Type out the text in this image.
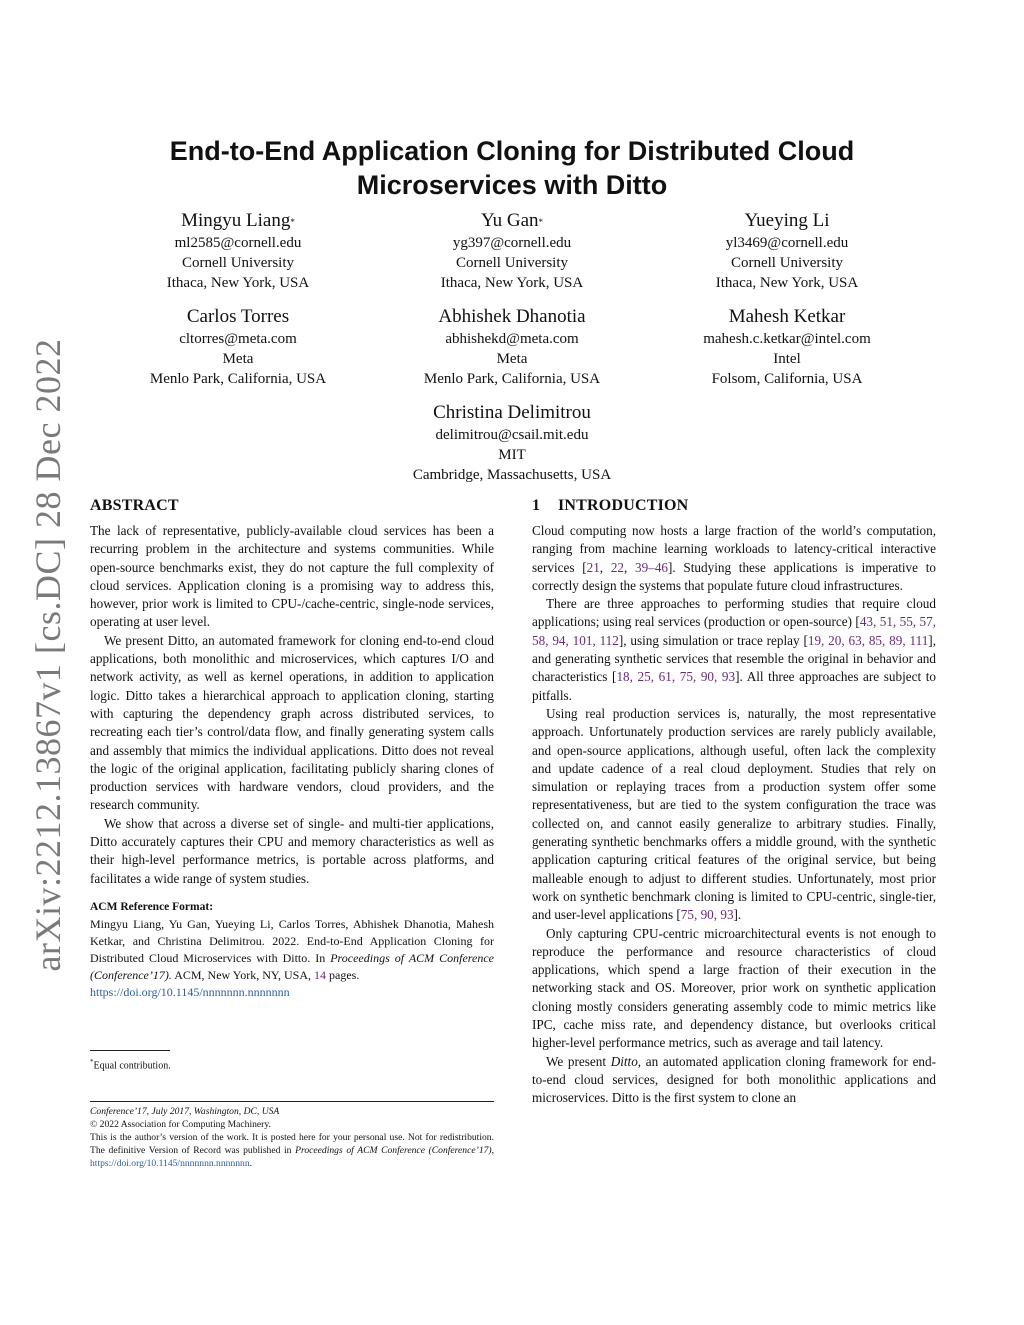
arXiv:2212.13867v1 [cs.DC] 28 Dec 2022
End-to-End Application Cloning for Distributed Cloud Microservices with Ditto
Mingyu Liang*
ml2585@cornell.edu
Cornell University
Ithaca, New York, USA
Yu Gan*
yg397@cornell.edu
Cornell University
Ithaca, New York, USA
Yueying Li
yl3469@cornell.edu
Cornell University
Ithaca, New York, USA
Carlos Torres
cltorres@meta.com
Meta
Menlo Park, California, USA
Abhishek Dhanotia
abhishekd@meta.com
Meta
Menlo Park, California, USA
Mahesh Ketkar
mahesh.c.ketkar@intel.com
Intel
Folsom, California, USA
Christina Delimitrou
delimitrou@csail.mit.edu
MIT
Cambridge, Massachusetts, USA
ABSTRACT

The lack of representative, publicly-available cloud services has been a recurring problem in the architecture and systems communities. While open-source benchmarks exist, they do not capture the full complexity of cloud services. Application cloning is a promising way to address this, however, prior work is limited to CPU-/cache-centric, single-node services, operating at user level.

We present Ditto, an automated framework for cloning end-to-end cloud applications, both monolithic and microservices, which captures I/O and network activity, as well as kernel operations, in addition to application logic. Ditto takes a hierarchical approach to application cloning, starting with capturing the dependency graph across distributed services, to recreating each tier’s control/data flow, and finally generating system calls and assembly that mimics the individual applications. Ditto does not reveal the logic of the original application, facilitating publicly sharing clones of production services with hardware vendors, cloud providers, and the research community.

We show that across a diverse set of single- and multi-tier applications, Ditto accurately captures their CPU and memory characteristics as well as their high-level performance metrics, is portable across platforms, and facilitates a wide range of system studies.

ACM Reference Format:

Mingyu Liang, Yu Gan, Yueying Li, Carlos Torres, Abhishek Dhanotia, Mahesh Ketkar, and Christina Delimitrou. 2022. End-to-End Application Cloning for Distributed Cloud Microservices with Ditto. In Proceedings of ACM Conference (Conference’17). ACM, New York, NY, USA, 14 pages.
https://doi.org/10.1145/nnnnnnn.nnnnnnn

*Equal contribution.
Conference’17, July 2017, Washington, DC, USA
© 2022 Association for Computing Machinery.
This is the author’s version of the work. It is posted here for your personal use. Not for redistribution. The definitive Version of Record was published in Proceedings of ACM Conference (Conference’17), https://doi.org/10.1145/nnnnnnn.nnnnnnn.
1 INTRODUCTION

Cloud computing now hosts a large fraction of the world’s computation, ranging from machine learning workloads to latency-critical interactive services [21, 22, 39–46]. Studying these applications is imperative to correctly design the systems that populate future cloud infrastructures.

There are three approaches to performing studies that require cloud applications; using real services (production or open-source) [43, 51, 55, 57, 58, 94, 101, 112], using simulation or trace replay [19, 20, 63, 85, 89, 111], and generating synthetic services that resemble the original in behavior and characteristics [18, 25, 61, 75, 90, 93]. All three approaches are subject to pitfalls.

Using real production services is, naturally, the most representative approach. Unfortunately production services are rarely publicly available, and open-source applications, although useful, often lack the complexity and update cadence of a real cloud deployment. Studies that rely on simulation or replaying traces from a production system offer some representativeness, but are tied to the system configuration the trace was collected on, and cannot easily generalize to arbitrary studies. Finally, generating synthetic benchmarks offers a middle ground, with the synthetic application capturing critical features of the original service, but being malleable enough to adjust to different studies. Unfortunately, most prior work on synthetic benchmark cloning is limited to CPU-centric, single-tier, and user-level applications [75, 90, 93].

Only capturing CPU-centric microarchitectural events is not enough to reproduce the performance and resource characteristics of cloud applications, which spend a large fraction of their execution in the networking stack and OS. Moreover, prior work on synthetic application cloning mostly considers generating assembly code to mimic metrics like IPC, cache miss rate, and dependency distance, but overlooks critical higher-level performance metrics, such as average and tail latency.

We present Ditto, an automated application cloning framework for end-to-end cloud services, designed for both monolithic applications and microservices. Ditto is the first system to clone an
